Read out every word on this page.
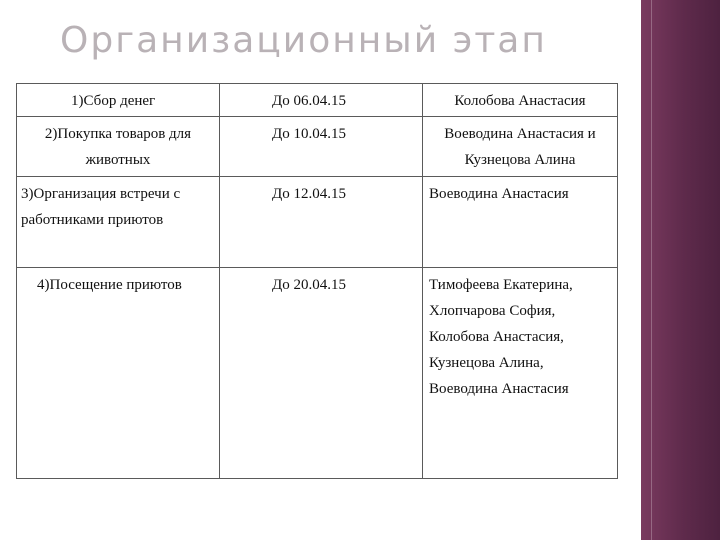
Организационный этап
1)Сбор денег	До 06.04.15	Колобова Анастасия
2)Покупка товаров для животных	До 10.04.15	Воеводина Анастасия и Кузнецова Алина
3)Организация встречи с работниками приютов	До 12.04.15	Воеводина Анастасия
4)Посещение приютов	До 20.04.15	Тимофеева Екатерина, Хлопчарова София, Колобова Анастасия, Кузнецова Алина, Воеводина Анастасия
